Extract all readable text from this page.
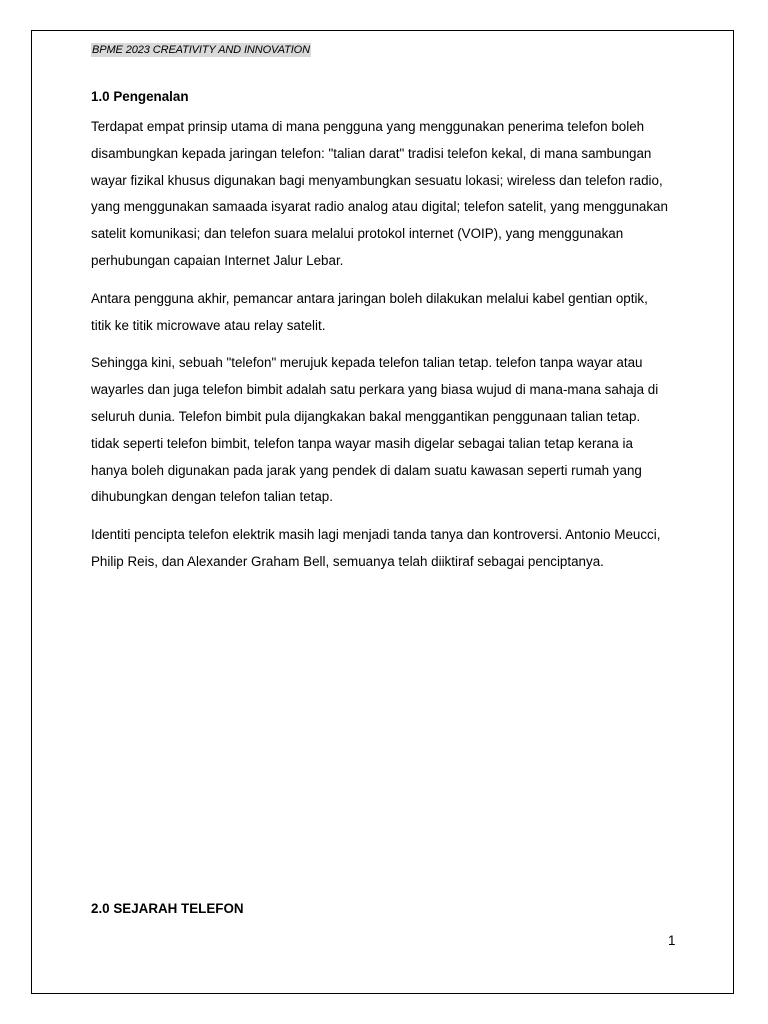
BPME 2023 CREATIVITY AND INNOVATION
1.0 Pengenalan

Terdapat empat prinsip utama di mana pengguna yang menggunakan penerima telefon boleh disambungkan kepada jaringan telefon: "talian darat" tradisi telefon kekal, di mana sambungan wayar fizikal khusus digunakan bagi menyambungkan sesuatu lokasi; wireless dan telefon radio, yang menggunakan samaada isyarat radio analog atau digital; telefon satelit, yang menggunakan satelit komunikasi; dan telefon suara melalui protokol internet (VOIP), yang menggunakan perhubungan capaian Internet Jalur Lebar.

Antara pengguna akhir, pemancar antara jaringan boleh dilakukan melalui kabel gentian optik, titik ke titik microwave atau relay satelit.

Sehingga kini, sebuah "telefon" merujuk kepada telefon talian tetap. telefon tanpa wayar atau wayarles dan juga telefon bimbit adalah satu perkara yang biasa wujud di mana-mana sahaja di seluruh dunia. Telefon bimbit pula dijangkakan bakal menggantikan penggunaan talian tetap. tidak seperti telefon bimbit, telefon tanpa wayar masih digelar sebagai talian tetap kerana ia hanya boleh digunakan pada jarak yang pendek di dalam suatu kawasan seperti rumah yang dihubungkan dengan telefon talian tetap.

Identiti pencipta telefon elektrik masih lagi menjadi tanda tanya dan kontroversi. Antonio Meucci, Philip Reis, dan Alexander Graham Bell, semuanya telah diiktiraf sebagai penciptanya.

2.0 SEJARAH TELEFON
1
